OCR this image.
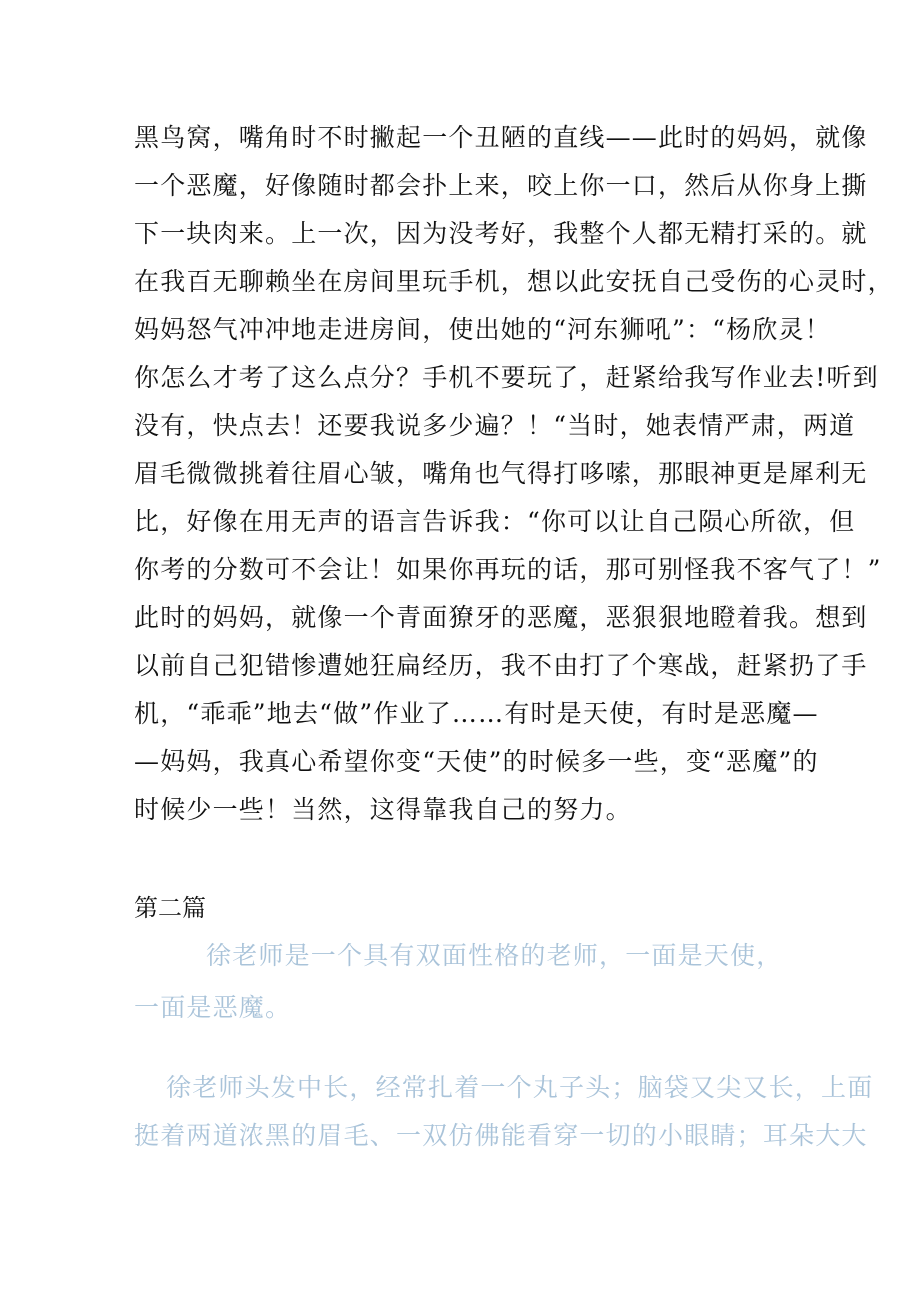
黑鸟窝，嘴角时不时撇起一个丑陋的直线——此时的妈妈，就像
一个恶魔，好像随时都会扑上来，咬上你一口，然后从你身上撕
下一块肉来。上一次，因为没考好，我整个人都无精打采的。就
在我百无聊赖坐在房间里玩手机，想以此安抚自己受伤的心灵时，
妈妈怒气冲冲地走进房间，使出她的“河东狮吼”：“杨欣灵！
你怎么才考了这么点分？手机不要玩了，赶紧给我写作业去!听到
没有，快点去！还要我说多少遍？！“当时，她表情严肃，两道
眉毛微微挑着往眉心皱，嘴角也气得打哆嗦，那眼神更是犀利无
比，好像在用无声的语言告诉我：“你可以让自己陨心所欲，但
你考的分数可不会让！如果你再玩的话，那可别怪我不客气了！”
此时的妈妈，就像一个青面獠牙的恶魔，恶狠狠地瞪着我。想到
以前自己犯错惨遭她狂扁经历，我不由打了个寒战，赶紧扔了手
机，“乖乖”地去“做”作业了……有时是天使，有时是恶魔—
—妈妈，我真心希望你变“天使”的时候多一些，变“恶魔”的
时候少一些！当然，这得靠我自己的努力。
第二篇
徐老师是一个具有双面性格的老师，一面是天使，
一面是恶魔。
徐老师头发中长，经常扎着一个丸子头；脑袋又尖又长，上面
挺着两道浓黑的眉毛、一双仿佛能看穿一切的小眼睛；耳朵大大
